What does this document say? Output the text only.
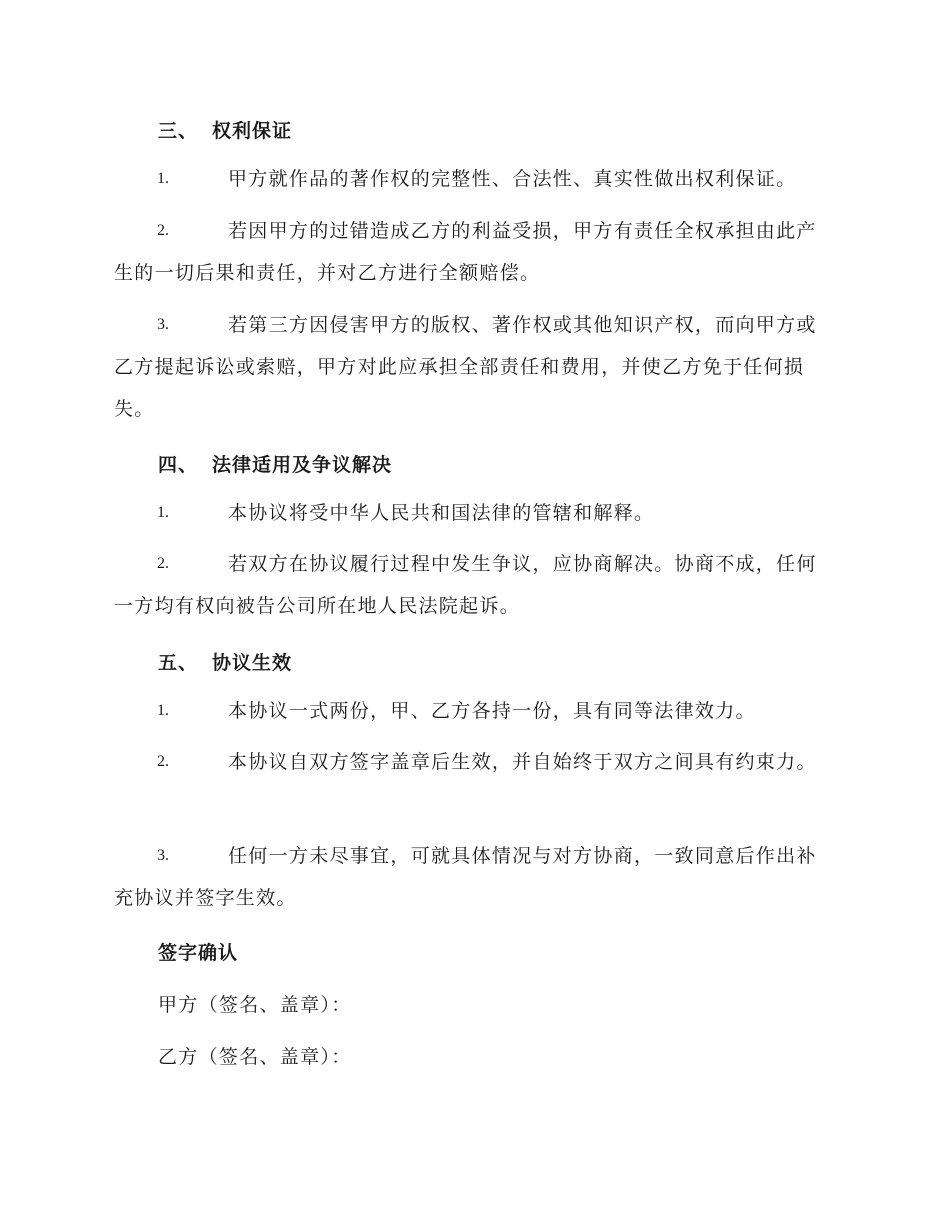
三、 权利保证
1.	甲方就作品的著作权的完整性、合法性、真实性做出权利保证。
2.	若因甲方的过错造成乙方的利益受损，甲方有责任全权承担由此产生的一切后果和责任，并对乙方进行全额赔偿。
3.	若第三方因侵害甲方的版权、著作权或其他知识产权，而向甲方或乙方提起诉讼或索赔，甲方对此应承担全部责任和费用，并使乙方免于任何损失。
四、 法律适用及争议解决
1.	本协议将受中华人民共和国法律的管辖和解释。
2.	若双方在协议履行过程中发生争议，应协商解决。协商不成，任何一方均有权向被告公司所在地人民法院起诉。
五、 协议生效
1.	本协议一式两份，甲、乙方各持一份，具有同等法律效力。
2.	本协议自双方签字盖章后生效，并自始终于双方之间具有约束力。
3.	任何一方未尽事宜，可就具体情况与对方协商，一致同意后作出补充协议并签字生效。
签字确认
甲方（签名、盖章）：
乙方（签名、盖章）：
